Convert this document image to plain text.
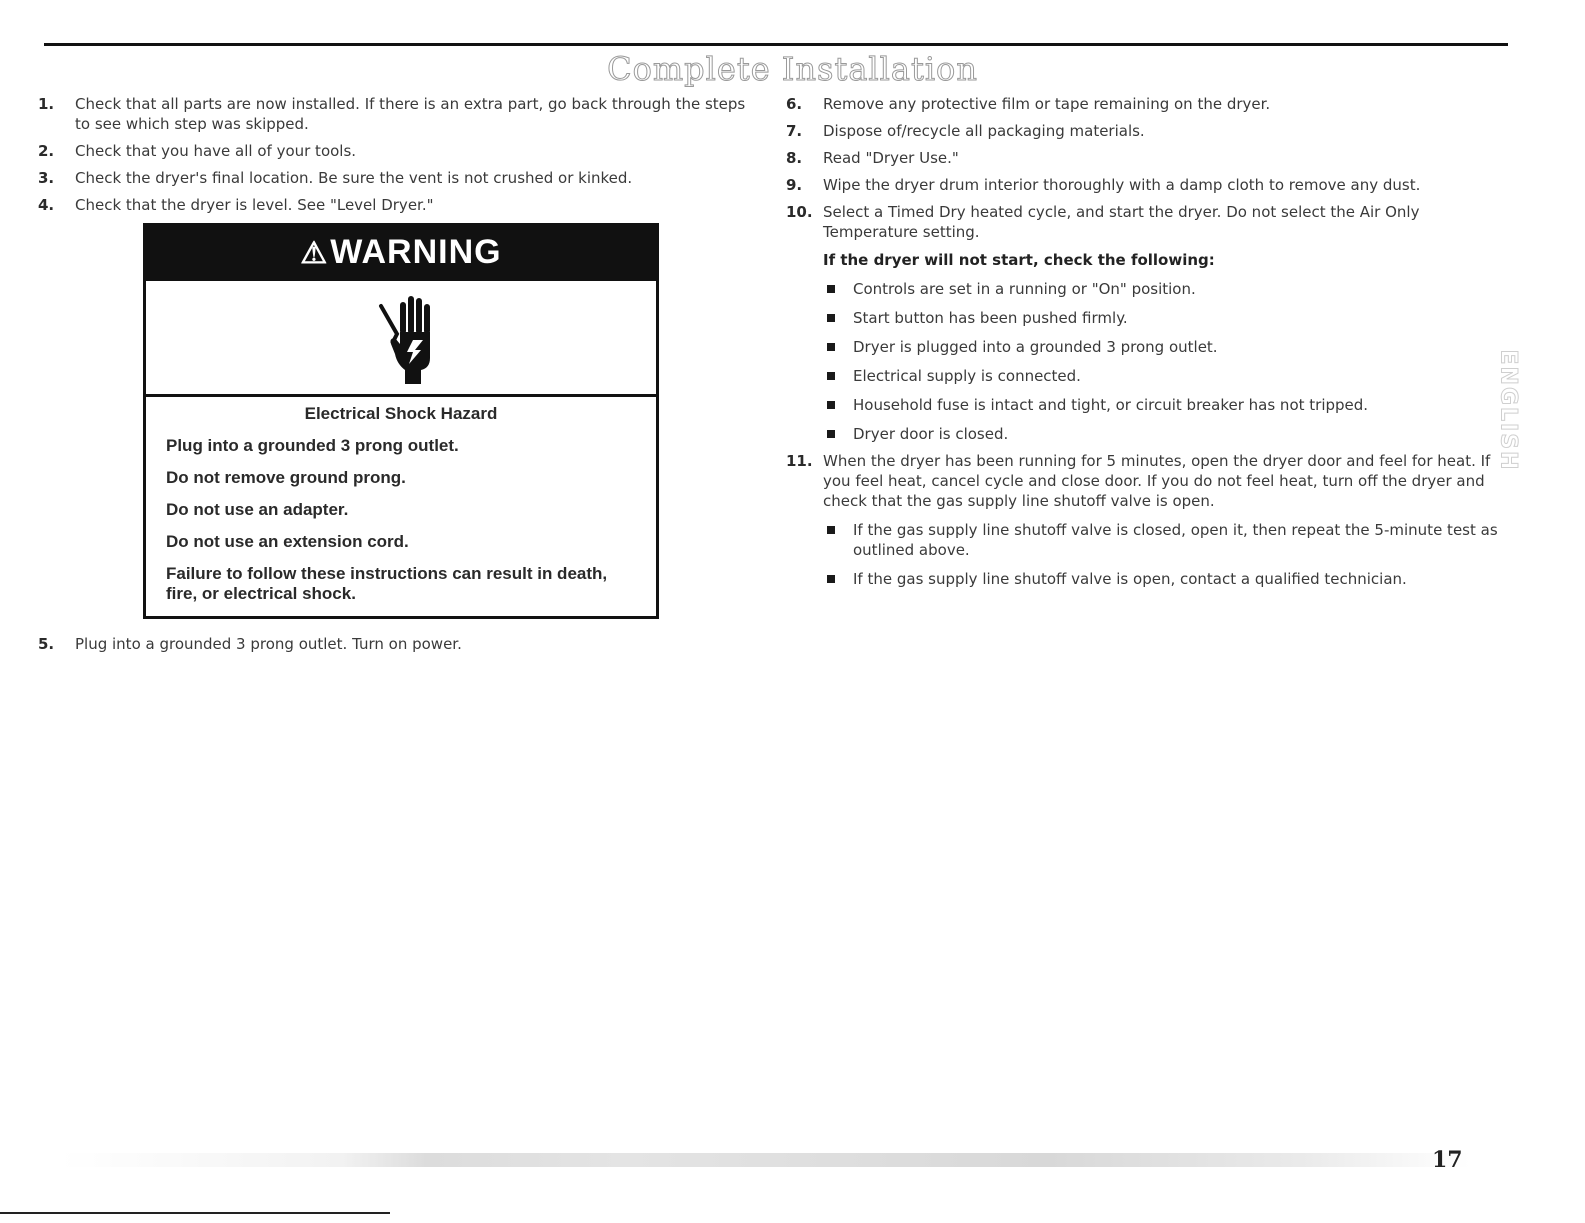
Complete Installation
1. Check that all parts are now installed. If there is an extra part, go back through the steps to see which step was skipped.
2. Check that you have all of your tools.
3. Check the dryer's final location. Be sure the vent is not crushed or kinked.
4. Check that the dryer is level. See "Level Dryer."
⚠WARNING
Electrical Shock Hazard
Plug into a grounded 3 prong outlet.
Do not remove ground prong.
Do not use an adapter.
Do not use an extension cord.
Failure to follow these instructions can result in death, fire, or electrical shock.
5. Plug into a grounded 3 prong outlet. Turn on power.
6. Remove any protective film or tape remaining on the dryer.
7. Dispose of/recycle all packaging materials.
8. Read "Dryer Use."
9. Wipe the dryer drum interior thoroughly with a damp cloth to remove any dust.
10. Select a Timed Dry heated cycle, and start the dryer. Do not select the Air Only Temperature setting.
If the dryer will not start, check the following:
Controls are set in a running or "On" position.
Start button has been pushed firmly.
Dryer is plugged into a grounded 3 prong outlet.
Electrical supply is connected.
Household fuse is intact and tight, or circuit breaker has not tripped.
Dryer door is closed.
11. When the dryer has been running for 5 minutes, open the dryer door and feel for heat. If you feel heat, cancel cycle and close door. If you do not feel heat, turn off the dryer and check that the gas supply line shutoff valve is open.
If the gas supply line shutoff valve is closed, open it, then repeat the 5-minute test as outlined above.
If the gas supply line shutoff valve is open, contact a qualified technician.
ENGLISH
17
